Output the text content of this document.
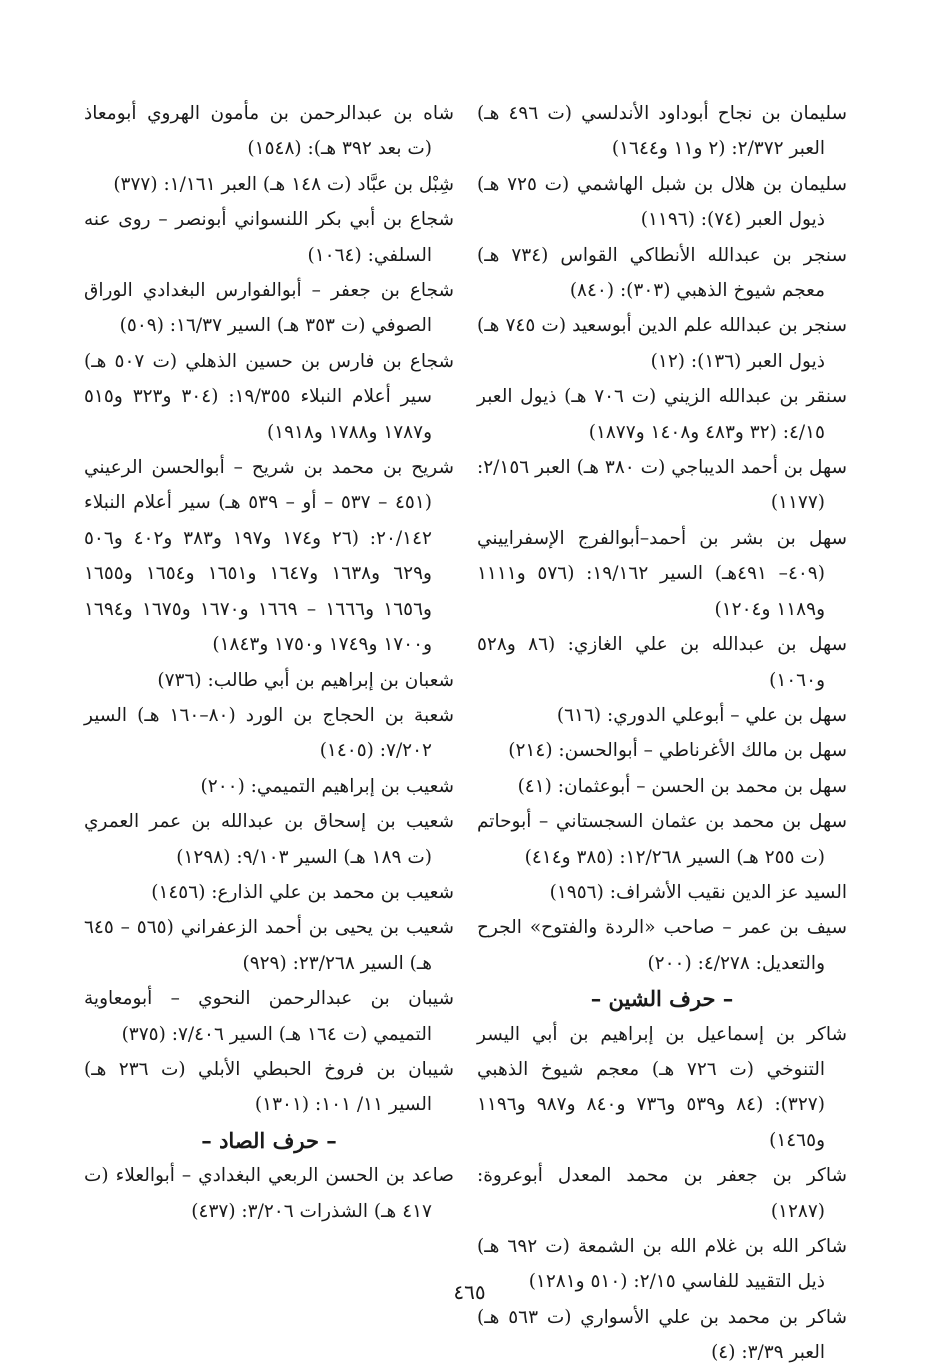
سليمان بن نجاح أبوداود الأندلسي (ت ٤٩٦ هـ) العبر ٢/٣٧٢: (٢ و١١ و١٦٤٤)

سليمان بن هلال بن شبل الهاشمي (ت ٧٢٥ هـ) ذيول العبر (٧٤): (١١٩٦)

سنجر بن عبدالله الأنطاكي القواس (٧٣٤ هـ) معجم شيوخ الذهبي (٣٠٣): (٨٤٠)

سنجر بن عبدالله علم الدين أبوسعيد (ت ٧٤٥ هـ) ذيول العبر (١٣٦): (١٢)

سنقر بن عبدالله الزيني (ت ٧٠٦ هـ) ذيول العبر ٤/١٥: (٣٢ و٤٨٣ و١٤٠٨ و١٨٧٧)

سهل بن أحمد الديباجي (ت ٣٨٠ هـ) العبر ٢/١٥٦: (١١٧٧)

سهل بن بشر بن أحمد–أبوالفرج الإسفراييني (٤٠٩– ٤٩١هـ) السير ١٩/١٦٢: (٥٧٦ و١١١١ و١١٨٩ و١٢٠٤)

سهل بن عبدالله بن علي الغازي: (٨٦ و٥٢٨ و١٠٦٠)

سهل بن علي – أبوعلي الدوري: (٦١٦)

سهل بن مالك الأغرناطي – أبوالحسن: (٢١٤)

سهل بن محمد بن الحسن – أبوعثمان: (٤١)

سهل بن محمد بن عثمان السجستاني – أبوحاتم (ت ٢٥٥ هـ) السير ١٢/٢٦٨: (٣٨٥ و٤١٤)

السيد عز الدين نقيب الأشراف: (١٩٥٦)

سيف بن عمر – صاحب «الردة والفتوح» الجرح والتعديل: ٤/٢٧٨: (٢٠٠)

– حرف الشين –

شاكر بن إسماعيل بن إبراهيم بن أبي اليسر التنوخي (ت ٧٢٦ هـ) معجم شيوخ الذهبي (٣٢٧): (٨٤ و٥٣٩ و٧٣٦ و٨٤٠ و٩٨٧ و١١٩٦ و١٤٦٥)

شاكر بن جعفر بن محمد المعدل أبوعروة: (١٢٨٧)

شاكر الله بن غلام الله بن الشمعة (ت ٦٩٢ هـ) ذيل التقييد للفاسي ٢/١٥: (٥١٠ و١٢٨١)

شاكر بن محمد بن علي الأسواري (ت ٥٦٣ هـ) العبر ٣/٣٩: (٤)

شاه بن عبدالرحمن بن مأمون الهروي أبومعاذ (ت بعد ٣٩٢ هـ): (١٥٤٨)

شِبْل بن عبَّاد (ت ١٤٨ هـ) العبر ١/١٦١: (٣٧٧)

شجاع بن أبي بكر اللنسواني أبونصر – روى عنه السلفي: (١٠٦٤)

شجاع بن جعفر – أبوالفوارس البغدادي الوراق الصوفي (ت ٣٥٣ هـ) السير ١٦/٣٧: (٥٠٩)

شجاع بن فارس بن حسين الذهلي (ت ٥٠٧ هـ) سير أعلام النبلاء ١٩/٣٥٥: (٣٠٤ و٣٢٣ و٥١٥ و١٧٨٧ و١٧٨٨ و١٩١٨)

شريح بن محمد بن شريح – أبوالحسن الرعيني (٤٥١ – ٥٣٧ – أو – ٥٣٩ هـ) سير أعلام النبلاء ٢٠/١٤٢: (٢٦ و١٧٤ و١٩٧ و٣٨٣ و٤٠٢ و٥٠٦ و٦٢٩ و١٦٣٨ و١٦٤٧ و١٦٥١ و١٦٥٤ و١٦٥٥ و١٦٥٦ و١٦٦٦ – ١٦٦٩ و١٦٧٠ و١٦٧٥ و١٦٩٤ و١٧٠٠ و١٧٤٩ و١٧٥٠ و١٨٤٣)

شعبان بن إبراهيم بن أبي طالب: (٧٣٦)

شعبة بن الحجاج بن الورد (٨٠–١٦٠ هـ) السير ٧/٢٠٢: (١٤٠٥)

شعيب بن إبراهيم التميمي: (٢٠٠)

شعيب بن إسحاق بن عبدالله بن عمر العمري (ت ١٨٩ هـ) السير ٩/١٠٣: (١٢٩٨)

شعيب بن محمد بن علي الذارع: (١٤٥٦)

شعيب بن يحيى بن أحمد الزعفراني (٥٦٥ – ٦٤٥ هـ) السير ٢٣/٢٦٨: (٩٢٩)

شيبان بن عبدالرحمن النحوي – أبومعاوية التميمي (ت ١٦٤ هـ) السير ٧/٤٠٦: (٣٧٥)

شيبان بن فروخ الحبطي الأبلي (ت ٢٣٦ هـ) السير ١١/ ١٠١: (١٣٠١)

– حرف الصاد –

صاعد بن الحسن الربعي البغدادي – أبوالعلاء (ت ٤١٧ هـ) الشذرات ٣/٢٠٦: (٤٣٧)

٤٦٥
